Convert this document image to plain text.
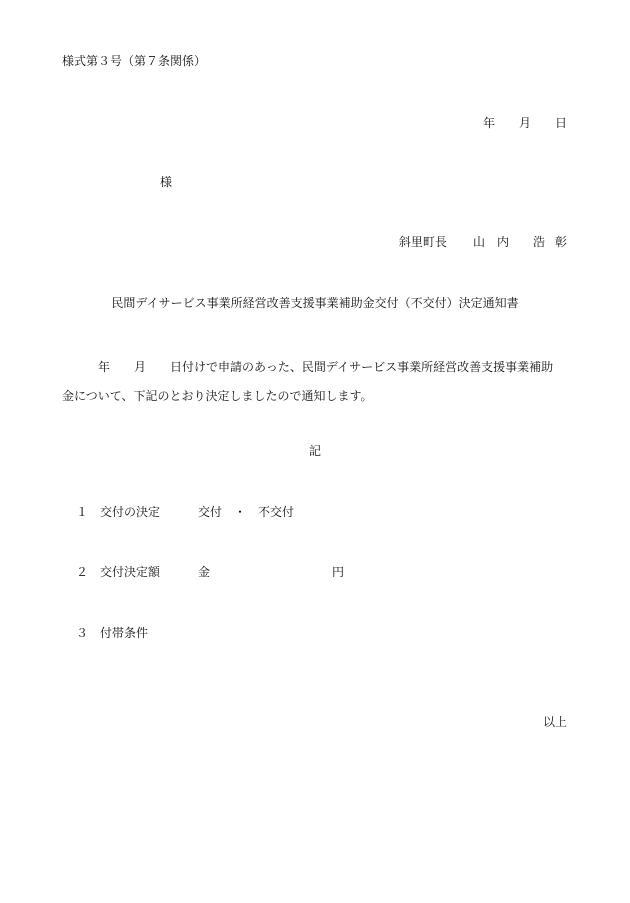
様式第３号（第７条関係）
年 月 日
様
斜里町長 山 内 浩 彰
民間デイサービス事業所経営改善支援事業補助金交付（不交付）決定通知書
年 月 日付けで申請のあった、民間デイサービス事業所経営改善支援事業補助
金について、下記のとおり決定しましたので通知します。
記
１ 交付の決定	交付 ・	不交付
２ 交付決定額	金	円
３ 付帯条件
以上
